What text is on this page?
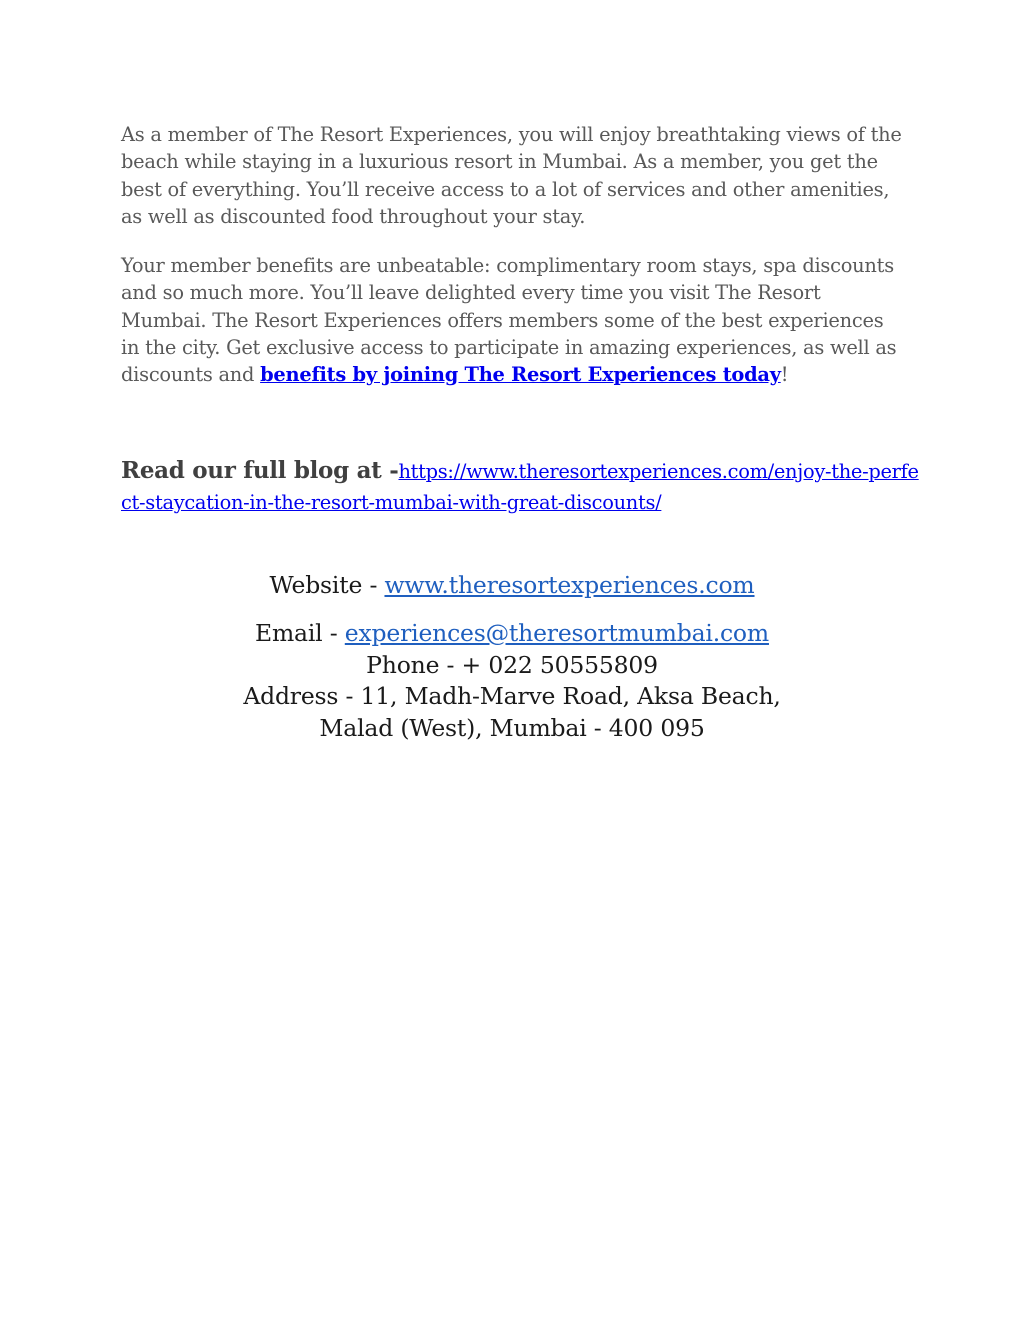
As a member of The Resort Experiences, you will enjoy breathtaking views of the beach while staying in a luxurious resort in Mumbai. As a member, you get the best of everything. You’ll receive access to a lot of services and other amenities, as well as discounted food throughout your stay.

Your member benefits are unbeatable: complimentary room stays, spa discounts and so much more. You’ll leave delighted every time you visit The Resort Mumbai. The Resort Experiences offers members some of the best experiences in the city. Get exclusive access to participate in amazing experiences, as well as discounts and benefits by joining The Resort Experiences today!

Read our full blog at -https://www.theresortexperiences.com/enjoy-the-perfect-staycation-in-the-resort-mumbai-with-great-discounts/

Website - www.theresortexperiences.com

Email - experiences@theresortmumbai.com

Phone - + 022 50555809

Address - 11, Madh-Marve Road, Aksa Beach,

Malad (West), Mumbai - 400 095
